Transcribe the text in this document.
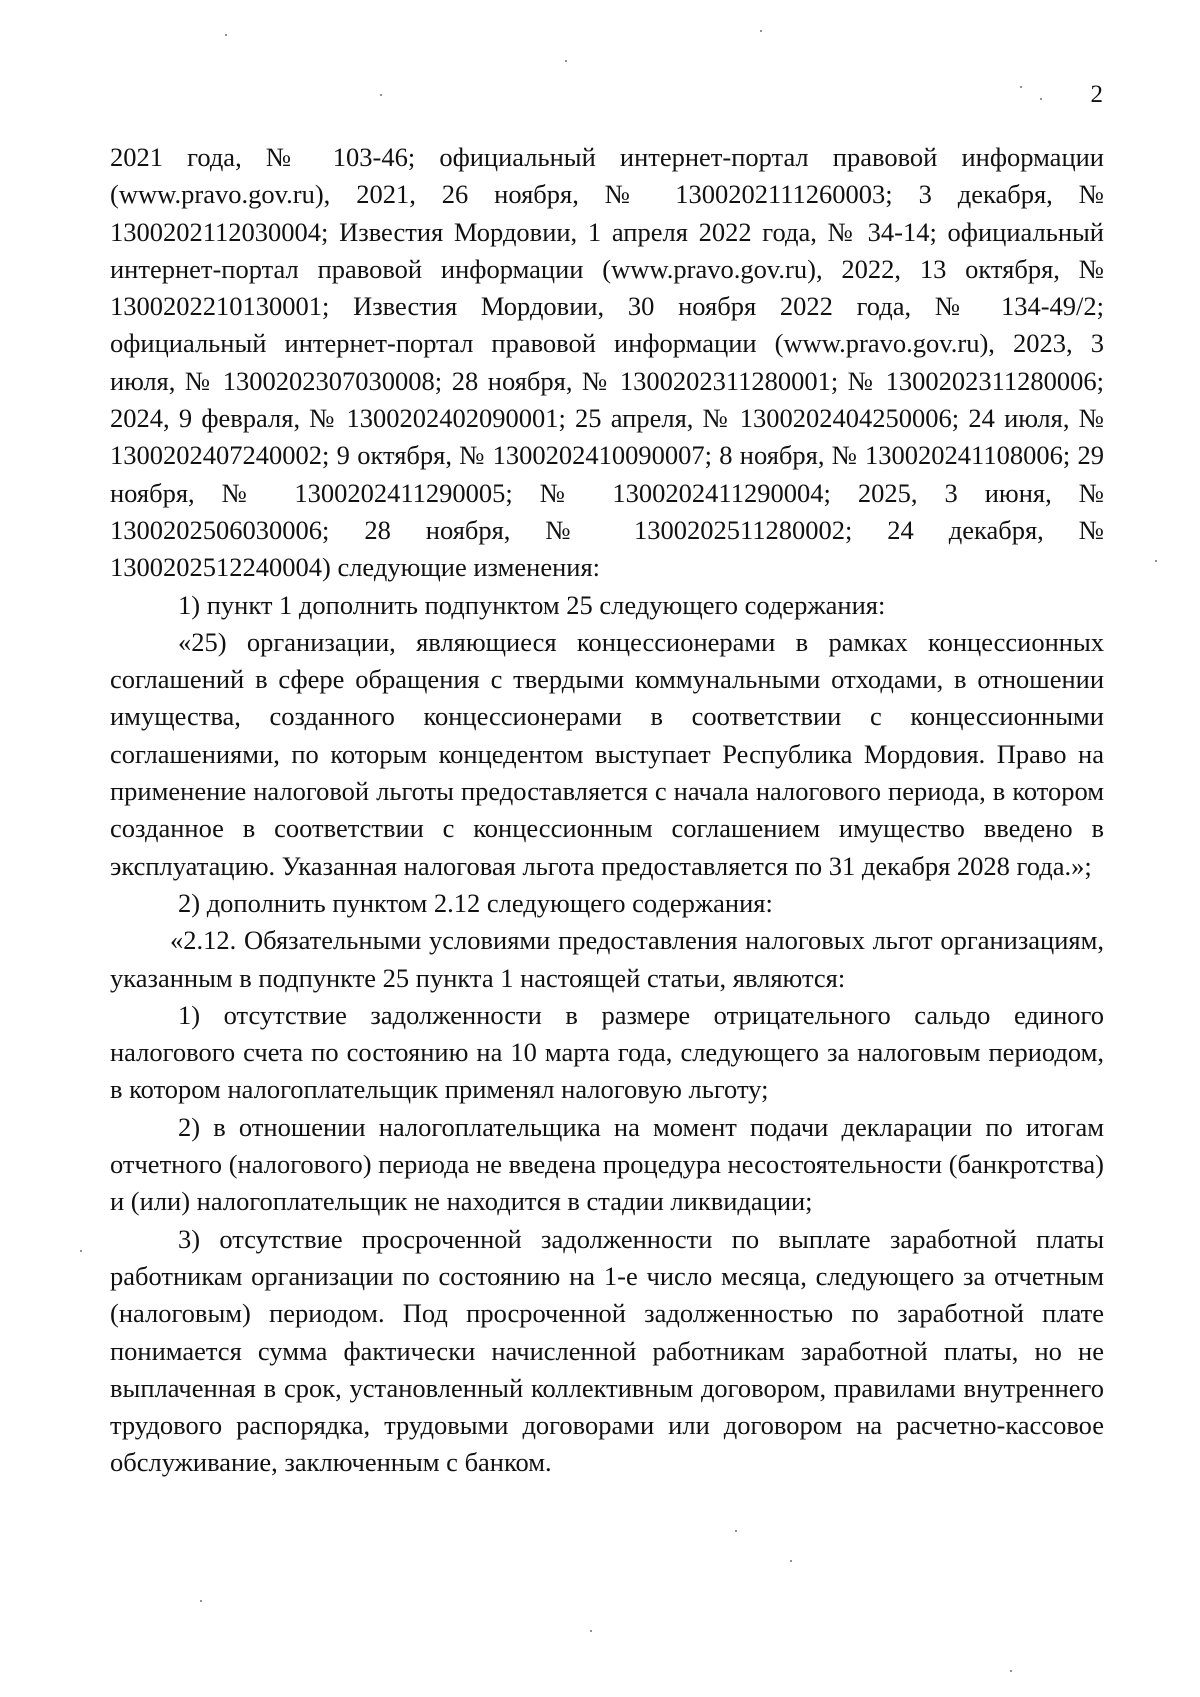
2

2021 года, № 103-46; официальный интернет-портал правовой информации (www.pravo.gov.ru), 2021, 26 ноября, № 1300202111260003; 3 декабря, № 1300202112030004; Известия Мордовии, 1 апреля 2022 года, № 34-14; официальный интернет-портал правовой информации (www.pravo.gov.ru), 2022, 13 октября, № 1300202210130001; Известия Мордовии, 30 ноября 2022 года, № 134-49/2; официальный интернет-портал правовой информации (www.pravo.gov.ru), 2023, 3 июля, № 1300202307030008; 28 ноября, № 1300202311280001; № 1300202311280006; 2024, 9 февраля, № 1300202402090001; 25 апреля, № 1300202404250006; 24 июля, № 1300202407240002; 9 октября, № 1300202410090007; 8 ноября, № 130020241108006; 29 ноября, № 1300202411290005; № 1300202411290004; 2025, 3 июня, № 1300202506030006; 28 ноября, № 1300202511280002; 24 декабря, № 1300202512240004) следующие изменения:

1) пункт 1 дополнить подпунктом 25 следующего содержания:

«25) организации, являющиеся концессионерами в рамках концессионных соглашений в сфере обращения с твердыми коммунальными отходами, в отношении имущества, созданного концессионерами в соответствии с концессионными соглашениями, по которым концедентом выступает Республика Мордовия. Право на применение налоговой льготы предоставляется с начала налогового периода, в котором созданное в соответствии с концессионным соглашением имущество введено в эксплуатацию. Указанная налоговая льгота предоставляется по 31 декабря 2028 года.»;

2) дополнить пунктом 2.12 следующего содержания:

«2.12. Обязательными условиями предоставления налоговых льгот организациям, указанным в подпункте 25 пункта 1 настоящей статьи, являются:

1) отсутствие задолженности в размере отрицательного сальдо единого налогового счета по состоянию на 10 марта года, следующего за налоговым периодом, в котором налогоплательщик применял налоговую льготу;

2) в отношении налогоплательщика на момент подачи декларации по итогам отчетного (налогового) периода не введена процедура несостоятельности (банкротства) и (или) налогоплательщик не находится в стадии ликвидации;

3) отсутствие просроченной задолженности по выплате заработной платы работникам организации по состоянию на 1-е число месяца, следующего за отчетным (налоговым) периодом. Под просроченной задолженностью по заработной плате понимается сумма фактически начисленной работникам заработной платы, но не выплаченная в срок, установленный коллективным договором, правилами внутреннего трудового распорядка, трудовыми договорами или договором на расчетно-кассовое обслуживание, заключенным с банком.
